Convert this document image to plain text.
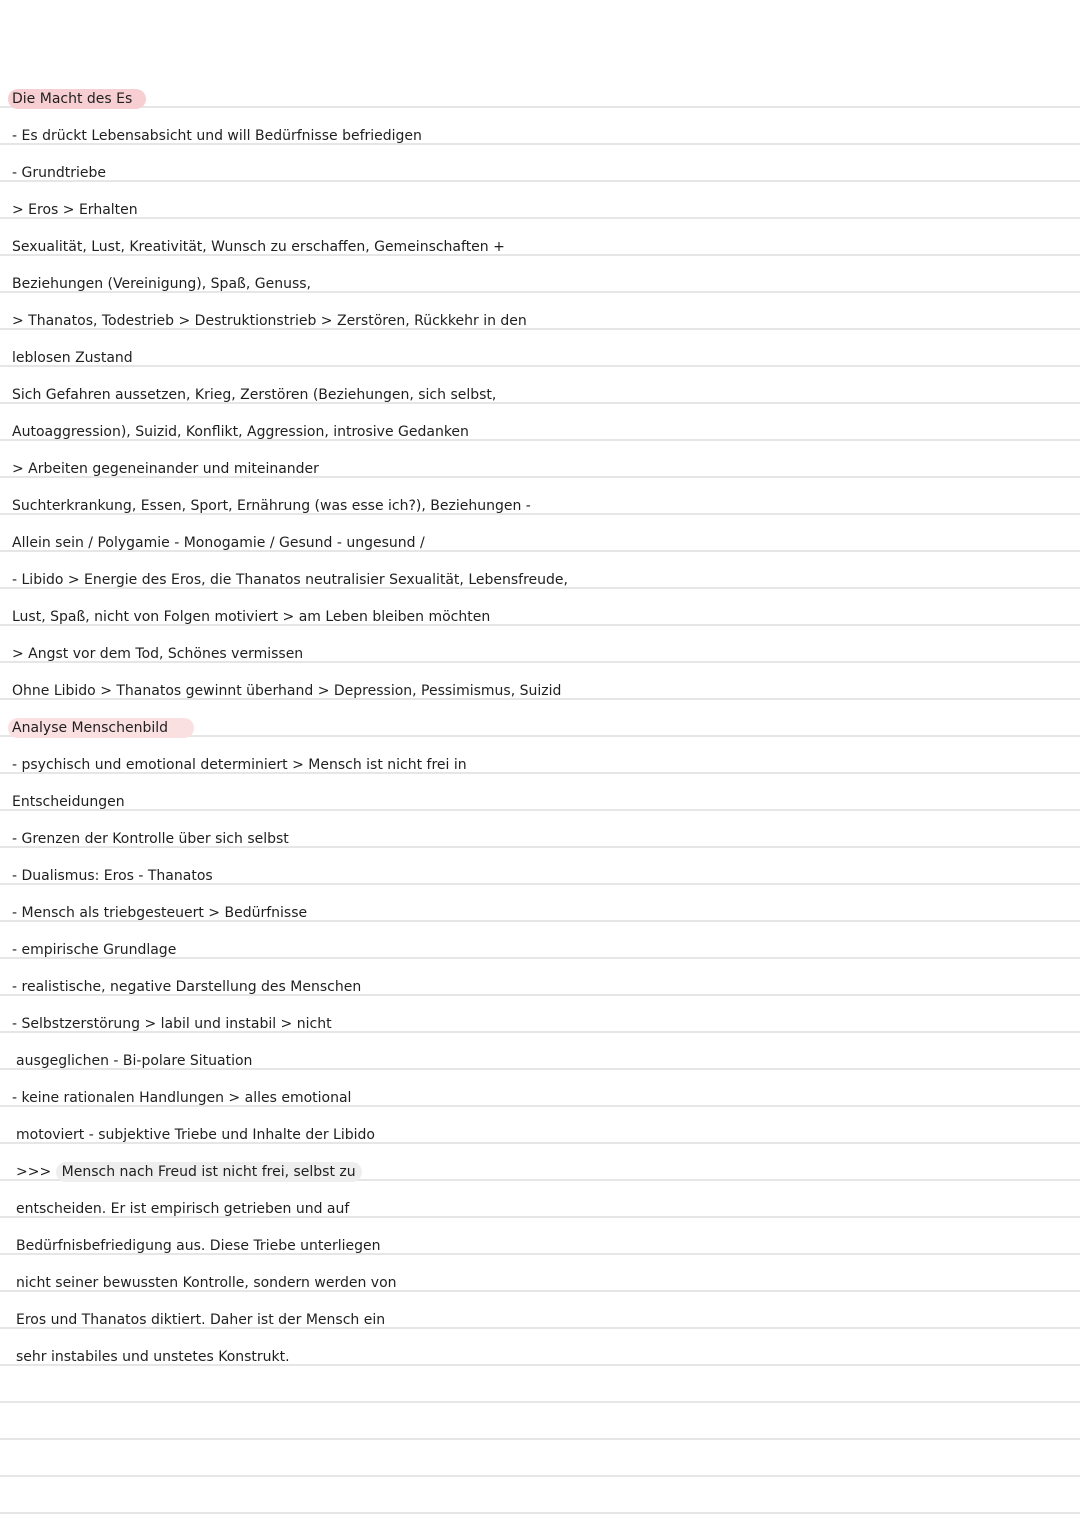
Die Macht des Es
- Es drückt Lebensabsicht und will Bedürfnisse befriedigen
- Grundtriebe
> Eros > Erhalten
Sexualität, Lust, Kreativität, Wunsch zu erschaffen, Gemeinschaften +
Beziehungen (Vereinigung), Spaß, Genuss,
> Thanatos, Todestrieb > Destruktionstrieb > Zerstören, Rückkehr in den
leblosen Zustand
Sich Gefahren aussetzen, Krieg, Zerstören (Beziehungen, sich selbst,
Autoaggression), Suizid, Konflikt, Aggression, introsive Gedanken
> Arbeiten gegeneinander und miteinander
Suchterkrankung, Essen, Sport, Ernährung (was esse ich?), Beziehungen -
Allein sein / Polygamie - Monogamie / Gesund - ungesund /
- Libido > Energie des Eros, die Thanatos neutralisier Sexualität, Lebensfreude,
Lust, Spaß, nicht von Folgen motiviert > am Leben bleiben möchten
> Angst vor dem Tod, Schönes vermissen
Ohne Libido > Thanatos gewinnt überhand > Depression, Pessimismus, Suizid
Analyse Menschenbild
- psychisch und emotional determiniert > Mensch ist nicht frei in
Entscheidungen
- Grenzen der Kontrolle über sich selbst
- Dualismus: Eros - Thanatos
- Mensch als triebgesteuert > Bedürfnisse
- empirische Grundlage
- realistische, negative Darstellung des Menschen
- Selbstzerstörung > labil und instabil > nicht
ausgeglichen - Bi-polare Situation
- keine rationalen Handlungen > alles emotional
motoviert - subjektive Triebe und Inhalte der Libido
>>> Mensch nach Freud ist nicht frei, selbst zu
entscheiden. Er ist empirisch getrieben und auf
Bedürfnisbefriedigung aus. Diese Triebe unterliegen
nicht seiner bewussten Kontrolle, sondern werden von
Eros und Thanatos diktiert. Daher ist der Mensch ein
sehr instabiles und unstetes Konstrukt.
